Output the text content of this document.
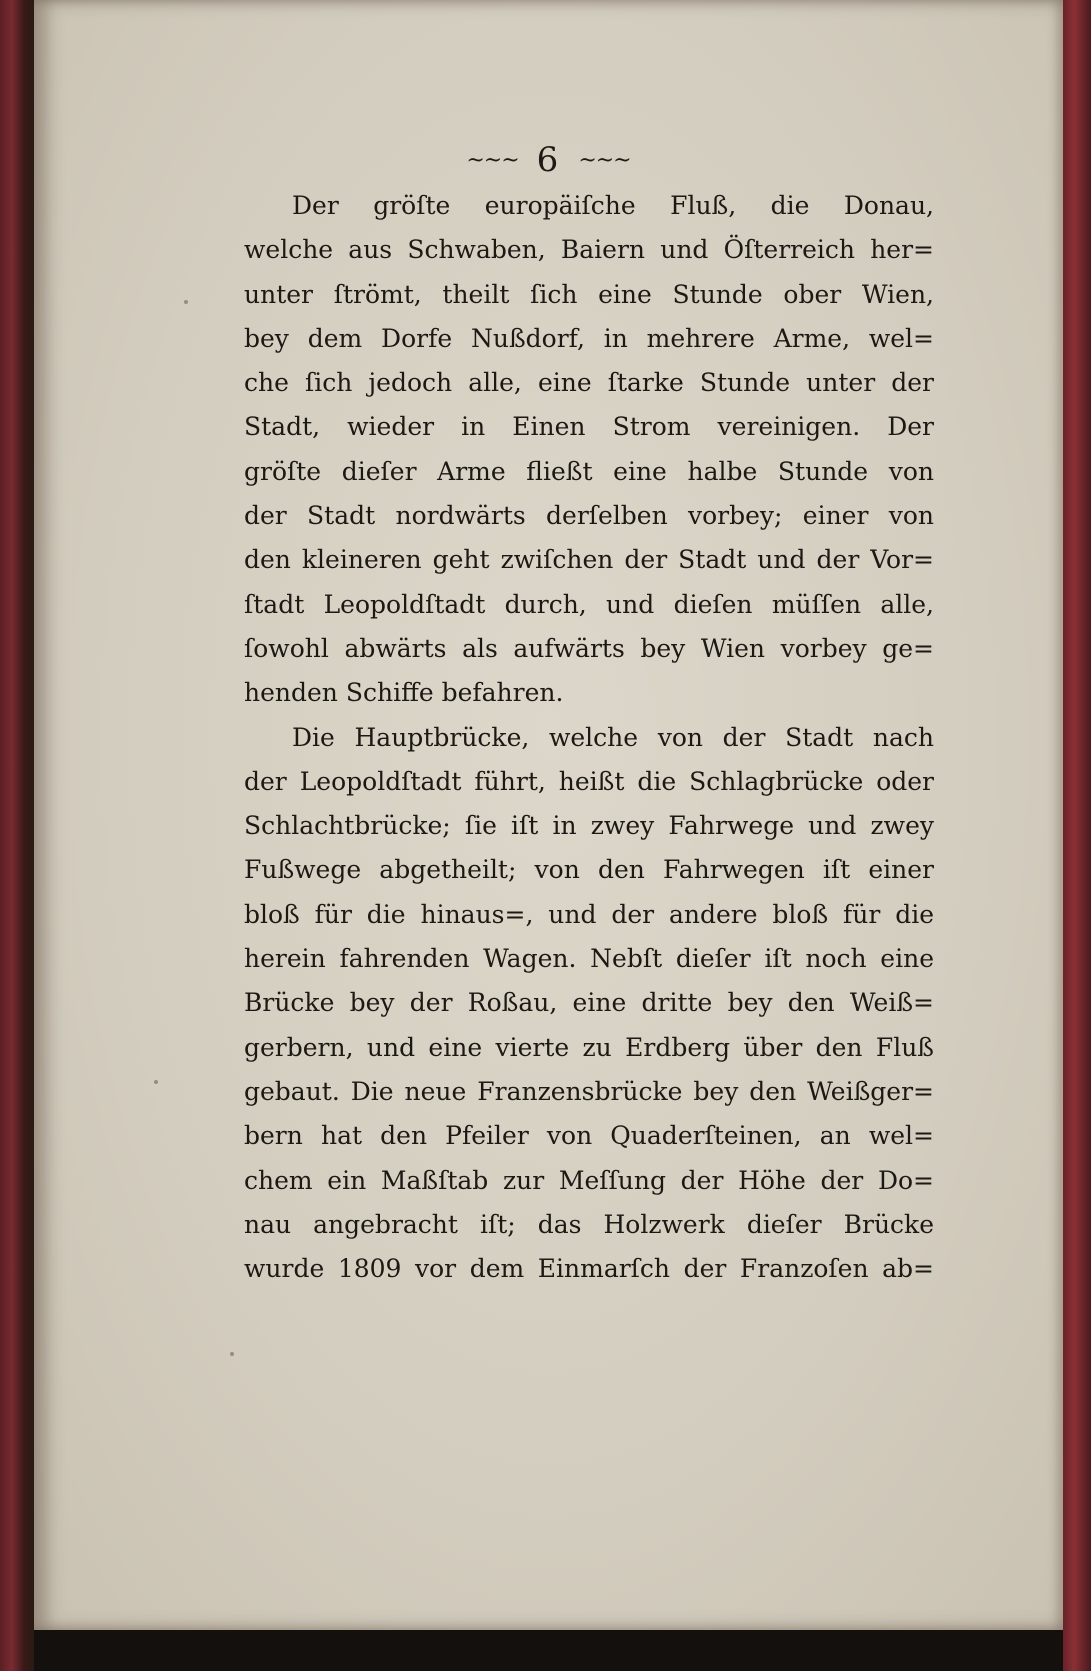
~~~ 6 ~~~

Der gröſte europäiſche Fluß, die Donau,
welche aus Schwaben, Baiern und Öſterreich her=
unter ſtrömt, theilt ſich eine Stunde ober Wien,
bey dem Dorfe Nußdorf, in mehrere Arme, wel=
che ſich jedoch alle, eine ſtarke Stunde unter der
Stadt, wieder in Einen Strom vereinigen. Der
gröſte dieſer Arme fließt eine halbe Stunde von
der Stadt nordwärts derſelben vorbey; einer von
den kleineren geht zwiſchen der Stadt und der Vor=
ſtadt Leopoldſtadt durch, und dieſen müſſen alle,
ſowohl abwärts als aufwärts bey Wien vorbey ge=
henden Schiffe befahren.

Die Hauptbrücke, welche von der Stadt nach
der Leopoldſtadt führt, heißt die Schlagbrücke oder
Schlachtbrücke; ſie iſt in zwey Fahrwege und zwey
Fußwege abgetheilt; von den Fahrwegen iſt einer
bloß für die hinaus=, und der andere bloß für die
herein fahrenden Wagen. Nebſt dieſer iſt noch eine
Brücke bey der Roßau, eine dritte bey den Weiß=
gerbern, und eine vierte zu Erdberg über den Fluß
gebaut. Die neue Franzensbrücke bey den Weißger=
bern hat den Pfeiler von Quaderſteinen, an wel=
chem ein Maßſtab zur Meſſung der Höhe der Do=
nau angebracht iſt; das Holzwerk dieſer Brücke
wurde 1809 vor dem Einmarſch der Franzoſen ab=
